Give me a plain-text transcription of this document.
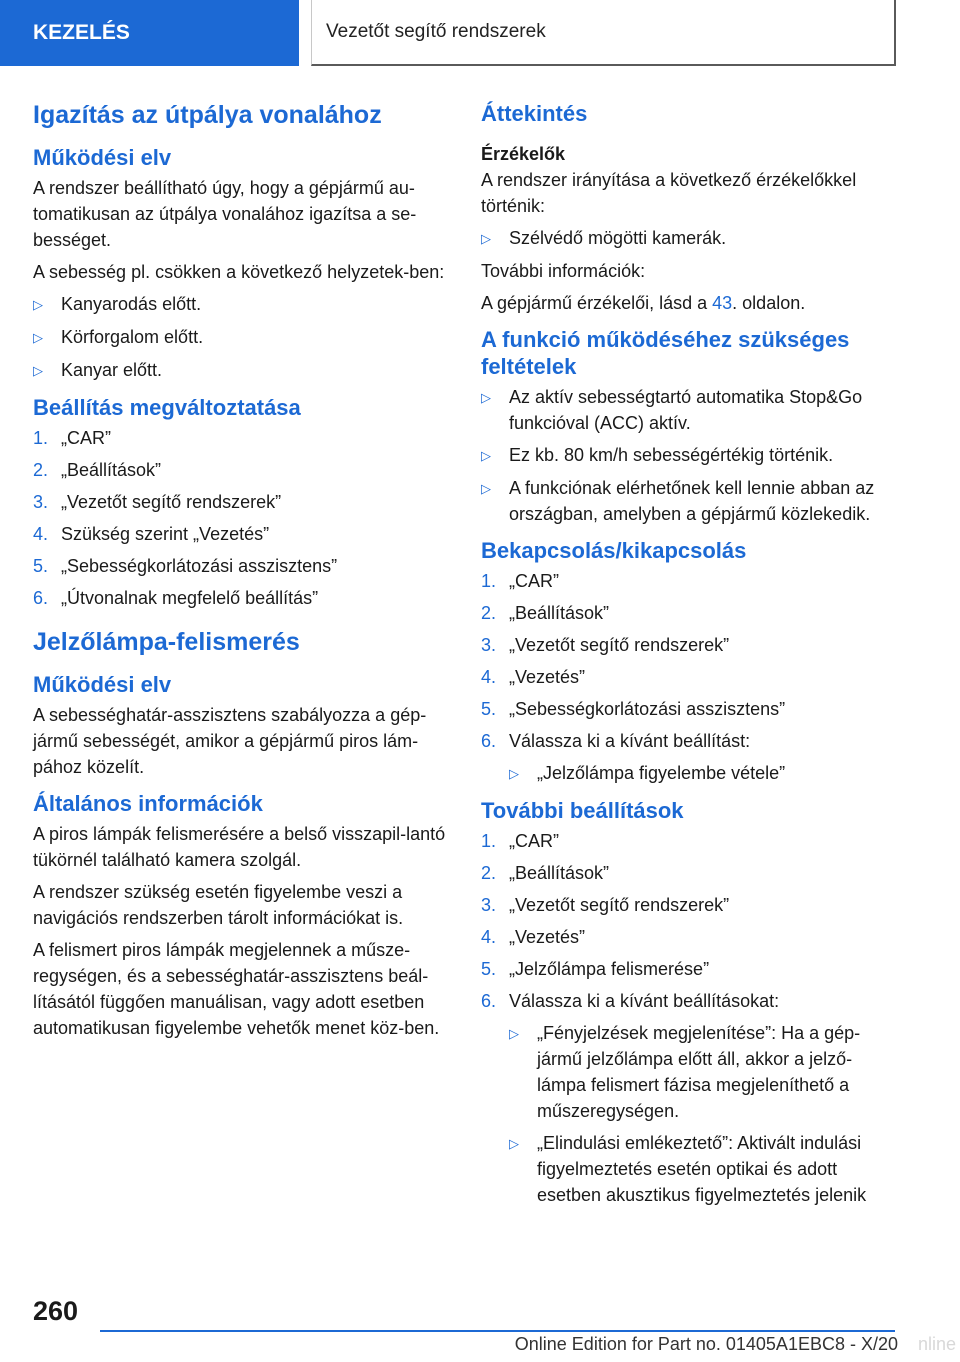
KEZELÉS	Vezetőt segítő rendszerek
Igazítás az útpálya vonalához
Működési elv

A rendszer beállítható úgy, hogy a gépjármű au-tomatikusan az útpálya vonalához igazítsa a se-bességet.

A sebesség pl. csökken a következő helyzetek-ben:

▷	Kanyarodás előtt.
▷	Körforgalom előtt.
▷	Kanyar előtt.
Beállítás megváltoztatása
1. „CAR”
2. „Beállítások”
3. „Vezetőt segítő rendszerek”
4. Szükség szerint „Vezetés”
5. „Sebességkorlátozási asszisztens”
6. „Útvonalnak megfelelő beállítás”
Jelzőlámpa-felismerés
Működési elv

A sebességhatár-asszisztens szabályozza a gép-jármű sebességét, amikor a gépjármű piros lám-pához közelít.

Általános információk

A piros lámpák felismerésére a belső visszapil-lantó tükörnél található kamera szolgál.

A rendszer szükség esetén figyelembe veszi a navigációs rendszerben tárolt információkat is.

A felismert piros lámpák megjelennek a műsze-regységen, és a sebességhatár-asszisztens beál-lításától függően manuálisan, vagy adott esetben automatikusan figyelembe vehetők menet köz-ben.

Áttekintés
Érzékelők

A rendszer irányítása a következő érzékelőkkel történik:

▷	Szélvédő mögötti kamerák.

További információk:

A gépjármű érzékelői, lásd a 43. oldalon.

A funkció működéséhez szükséges feltételek
▷	Az aktív sebességtartó automatika Stop&Go funkcióval (ACC) aktív.
▷	Ez kb. 80 km/h sebességértékig történik.
▷	A funkciónak elérhetőnek kell lennie abban az országban, amelyben a gépjármű közlekedik.
Bekapcsolás/kikapcsolás
1. „CAR”
2. „Beállítások”
3. „Vezetőt segítő rendszerek”
4. „Vezetés”
5. „Sebességkorlátozási asszisztens”
6. Válassza ki a kívánt beállítást:
▷	„Jelzőlámpa figyelembe vétele”
További beállítások
1. „CAR”
2. „Beállítások”
3. „Vezetőt segítő rendszerek”
4. „Vezetés”
5. „Jelzőlámpa felismerése”
6. Válassza ki a kívánt beállításokat:
▷	„Fényjelzések megjelenítése”: Ha a gép-jármű jelzőlámpa előtt áll, akkor a jelző-lámpa felismert fázisa megjeleníthető a műszeregységen.
▷	„Elindulási emlékeztető”: Aktivált indulási figyelmeztetés esetén optikai és adott esetben akusztikus figyelmeztetés jelenik
260
Online Edition for Part no. 01405A1EBC8 - X/20 nline
